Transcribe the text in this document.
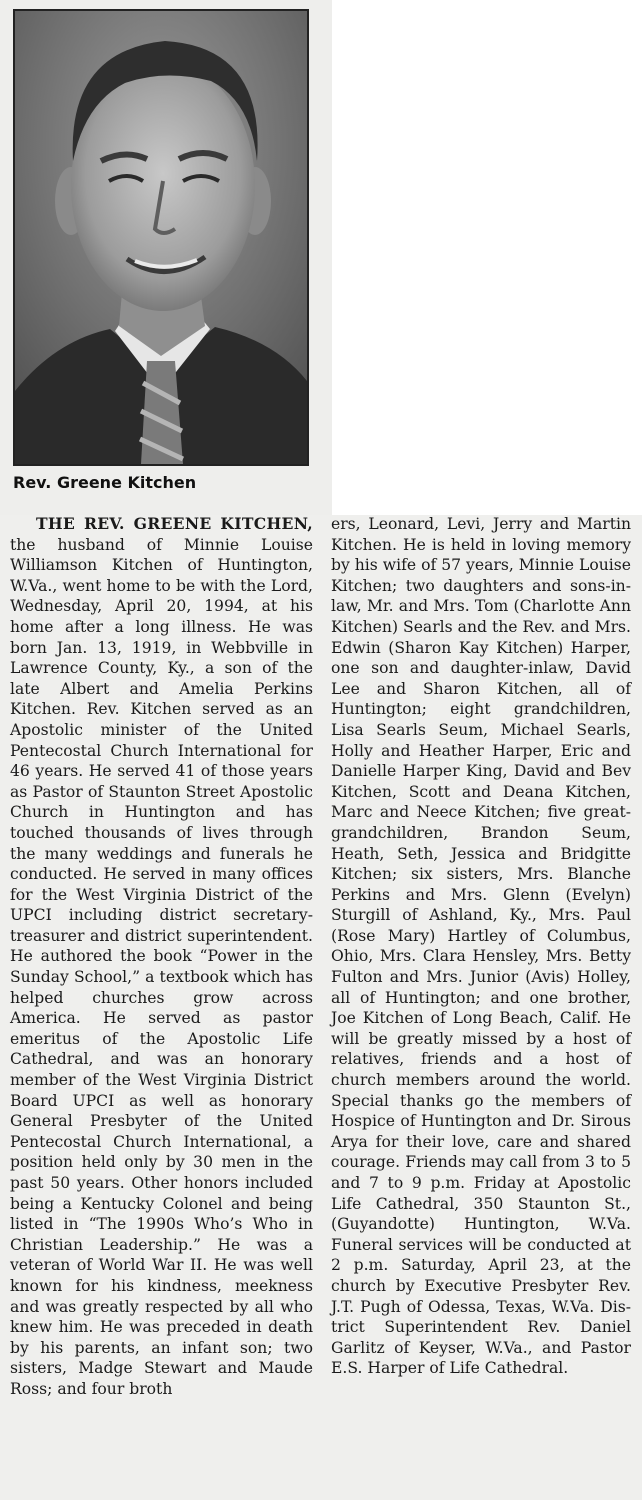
Rev. Greene Kitchen
THE REV. GREENE KITCHEN, the husband of Minnie Louise Williamson Kitchen of Huntington, W.Va., went home to be with the Lord, Wednesday, April 20, 1994, at his home after a long illness. He was born Jan. 13, 1919, in Webbville in Lawrence County, Ky., a son of the late Albert and Amelia Perkins Kitchen. Rev. Kitchen served as an Apostolic minister of the United Pentecostal Church International for 46 years. He served 41 of those years as Pastor of Staunton Street Apostolic Church in Huntington and has touched thousands of lives through the many weddings and funerals he conducted. He served in many offices for the West Virginia District of the UPCI including district secretary-treasurer and district superintendent. He authored the book “Power in the Sunday School,” a textbook which has helped churches grow across America. He served as pastor emeritus of the Apostolic Life Cathedral, and was an honorary member of the West Virginia District Board UPCI as well as honorary General Presbyter of the United Pentecostal Church International, a position held only by 30 men in the past 50 years. Other honors included being a Kentucky Colonel and being listed in “The 1990s Who’s Who in Christian Leadership.” He was a veteran of World War II. He was well known for his kindness, meekness and was greatly respected by all who knew him. He was preceded in death by his parents, an infant son; two sisters, Madge Stewart and Maude Ross; and four broth
ers, Leonard, Levi, Jerry and Martin Kitchen. He is held in loving memory by his wife of 57 years, Minnie Louise Kitchen; two daughters and sons-in-law, Mr. and Mrs. Tom (Charlotte Ann Kitchen) Searls and the Rev. and Mrs. Edwin (Sharon Kay Kitchen) Harper, one son and daughter-inlaw, David Lee and Sharon Kitchen, all of Huntington; eight grandchildren, Lisa Searls Seum, Michael Searls, Holly and Heather Harper, Eric and Danielle Harper King, David and Bev Kitchen, Scott and Deana Kitchen, Marc and Neece Kitchen; five greatgrandchildren, Brandon Seum, Heath, Seth, Jessica and Bridgitte Kitchen; six sisters, Mrs. Blanche Perkins and Mrs. Glenn (Evelyn) Sturgill of Ashland, Ky., Mrs. Paul (Rose Mary) Hartley of Columbus, Ohio, Mrs. Clara Hensley, Mrs. Betty Fulton and Mrs. Junior (Avis) Holley, all of Huntington; and one brother, Joe Kitchen of Long Beach, Calif. He will be greatly missed by a host of relatives, friends and a host of church members around the world. Special thanks go the members of Hospice of Huntington and Dr. Sirous Arya for their love, care and shared courage. Friends may call from 3 to 5 and 7 to 9 p.m. Friday at Apostolic Life Cathedral, 350 Staunton St., (Guyandotte) Huntington, W.Va. Funeral services will be conducted at 2 p.m. Saturday, April 23, at the church by Executive Presbyter Rev. J.T. Pugh of Odessa, Texas, W.Va. District Superintendent Rev. Daniel Garlitz of Keyser, W.Va., and Pastor E.S. Harper of Life Cathedral.
